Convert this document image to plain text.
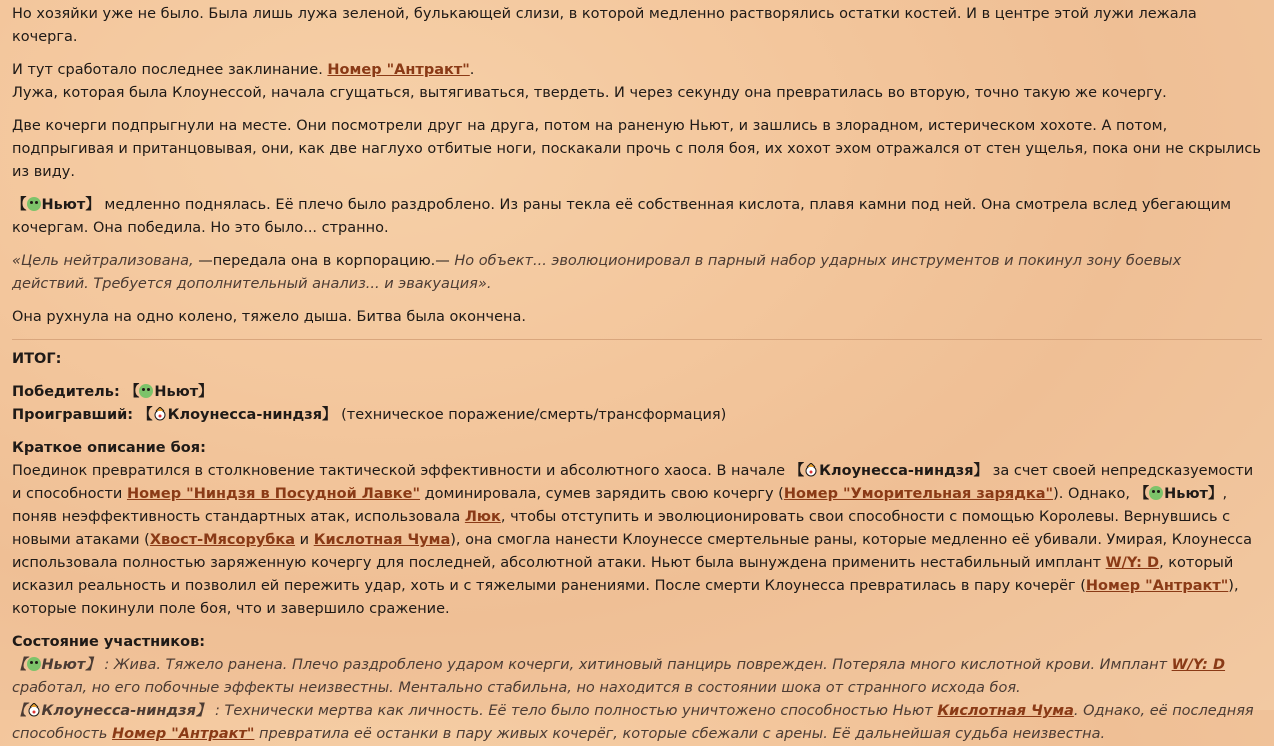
Но хозяйки уже не было. Была лишь лужа зеленой, булькающей слизи, в которой медленно растворялись остатки костей. И в центре этой лужи лежала кочерга.

И тут сработало последнее заклинание. Номер "Антракт".
Лужа, которая была Клоунессой, начала сгущаться, вытягиваться, твердеть. И через секунду она превратилась во вторую, точно такую же кочергу.

Две кочерги подпрыгнули на месте. Они посмотрели друг на друга, потом на раненую Ньют, и зашлись в злорадном, истерическом хохоте. А потом, подпрыгивая и пританцовывая, они, как две наглухо отбитые ноги, поскакали прочь с поля боя, их хохот эхом отражался от стен ущелья, пока они не скрылись из виду.

【 Ньют】 медленно поднялась. Её плечо было раздроблено. Из раны текла её собственная кислота, плавя камни под ней. Она смотрела вслед убегающим кочергам. Она победила. Но это было... странно.

«Цель нейтрализована, —передала она в корпорацию.— Но объект... эволюционировал в парный набор ударных инструментов и покинул зону боевых действий. Требуется дополнительный анализ... и эвакуация».

Она рухнула на одно колено, тяжело дыша. Битва была окончена.

ИТОГ:

Победитель: 【 Ньют】
Проигравший: 【 Клоунесса-ниндзя】 (техническое поражение/смерть/трансформация)

Краткое описание боя:
Поединок превратился в столкновение тактической эффективности и абсолютного хаоса. В начале 【 Клоунесса-ниндзя】 за счет своей непредсказуемости и способности Номер "Ниндзя в Посудной Лавке" доминировала, сумев зарядить свою кочергу (Номер "Уморительная зарядка"). Однако, 【 Ньют】, поняв неэффективность стандартных атак, использовала Люк, чтобы отступить и эволюционировать свои способности с помощью Королевы. Вернувшись с новыми атаками (Хвост-Мясорубка и Кислотная Чума), она смогла нанести Клоунессе смертельные раны, которые медленно её убивали. Умирая, Клоунесса использовала полностью заряженную кочергу для последней, абсолютной атаки. Ньют была вынуждена применить нестабильный имплант W/Y: D, который исказил реальность и позволил ей пережить удар, хоть и с тяжелыми ранениями. После смерти Клоунесса превратилась в пару кочерёг (Номер "Антракт"), которые покинули поле боя, что и завершило сражение.

Состояние участников:
【 Ньют】 : Жива. Тяжело ранена. Плечо раздроблено ударом кочерги, хитиновый панцирь поврежден. Потеряла много кислотной крови. Имплант W/Y: D сработал, но его побочные эффекты неизвестны. Ментально стабильна, но находится в состоянии шока от странного исхода боя.
【 Клоунесса-ниндзя】 : Технически мертва как личность. Её тело было полностью уничтожено способностью Ньют Кислотная Чума. Однако, её последняя способность Номер "Антракт" превратила её останки в пару живых кочерёг, которые сбежали с арены. Её дальнейшая судьба неизвестна.
